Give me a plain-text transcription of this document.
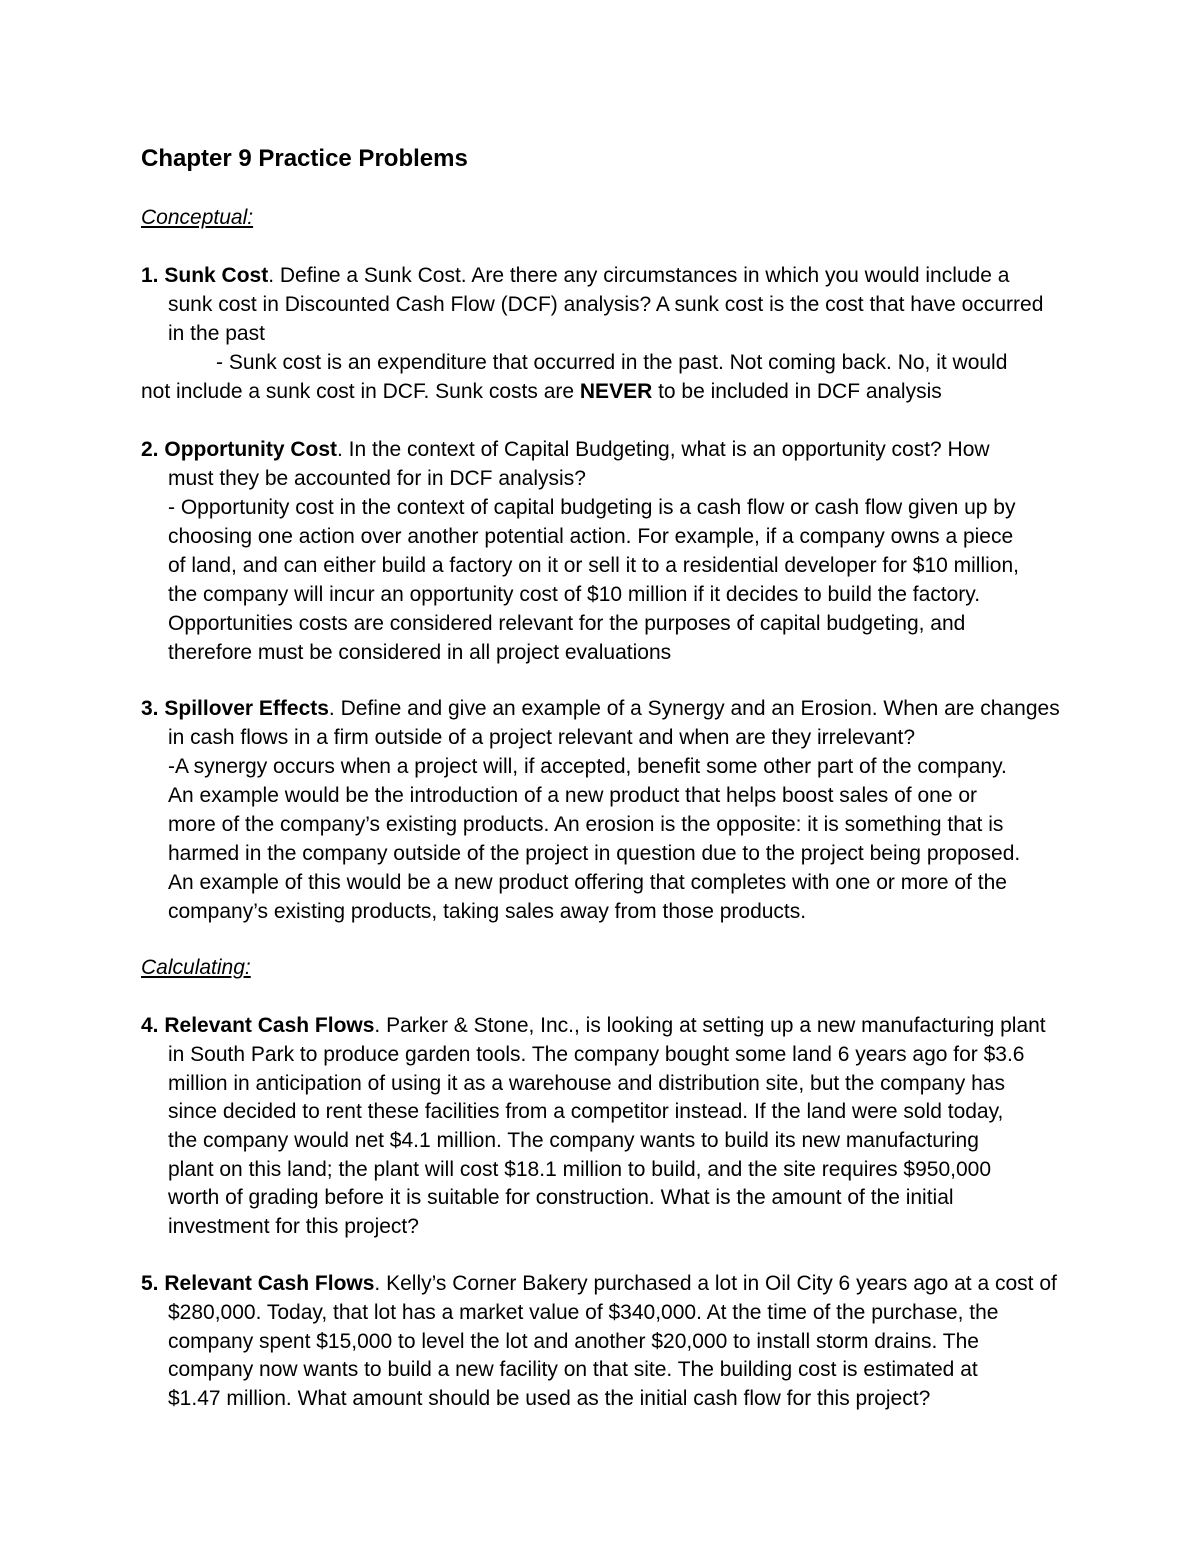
Chapter 9 Practice Problems
Conceptual:
1. Sunk Cost. Define a Sunk Cost. Are there any circumstances in which you would include a
sunk cost in Discounted Cash Flow (DCF) analysis? A sunk cost is the cost that have occurred
in the past
- Sunk cost is an expenditure that occurred in the past. Not coming back. No, it would
not include a sunk cost in DCF. Sunk costs are NEVER to be included in DCF analysis
2. Opportunity Cost. In the context of Capital Budgeting, what is an opportunity cost? How
must they be accounted for in DCF analysis?
- Opportunity cost in the context of capital budgeting is a cash flow or cash flow given up by
choosing one action over another potential action. For example, if a company owns a piece
of land, and can either build a factory on it or sell it to a residential developer for $10 million,
the company will incur an opportunity cost of $10 million if it decides to build the factory.
Opportunities costs are considered relevant for the purposes of capital budgeting, and
therefore must be considered in all project evaluations
3. Spillover Effects. Define and give an example of a Synergy and an Erosion. When are changes
in cash flows in a firm outside of a project relevant and when are they irrelevant?
-A synergy occurs when a project will, if accepted, benefit some other part of the company.
An example would be the introduction of a new product that helps boost sales of one or
more of the company’s existing products. An erosion is the opposite: it is something that is
harmed in the company outside of the project in question due to the project being proposed.
An example of this would be a new product offering that completes with one or more of the
company’s existing products, taking sales away from those products.
Calculating:
4. Relevant Cash Flows. Parker & Stone, Inc., is looking at setting up a new manufacturing plant
in South Park to produce garden tools. The company bought some land 6 years ago for $3.6
million in anticipation of using it as a warehouse and distribution site, but the company has
since decided to rent these facilities from a competitor instead. If the land were sold today,
the company would net $4.1 million. The company wants to build its new manufacturing
plant on this land; the plant will cost $18.1 million to build, and the site requires $950,000
worth of grading before it is suitable for construction. What is the amount of the initial
investment for this project?
5. Relevant Cash Flows. Kelly’s Corner Bakery purchased a lot in Oil City 6 years ago at a cost of
$280,000. Today, that lot has a market value of $340,000. At the time of the purchase, the
company spent $15,000 to level the lot and another $20,000 to install storm drains. The
company now wants to build a new facility on that site. The building cost is estimated at
$1.47 million. What amount should be used as the initial cash flow for this project?
